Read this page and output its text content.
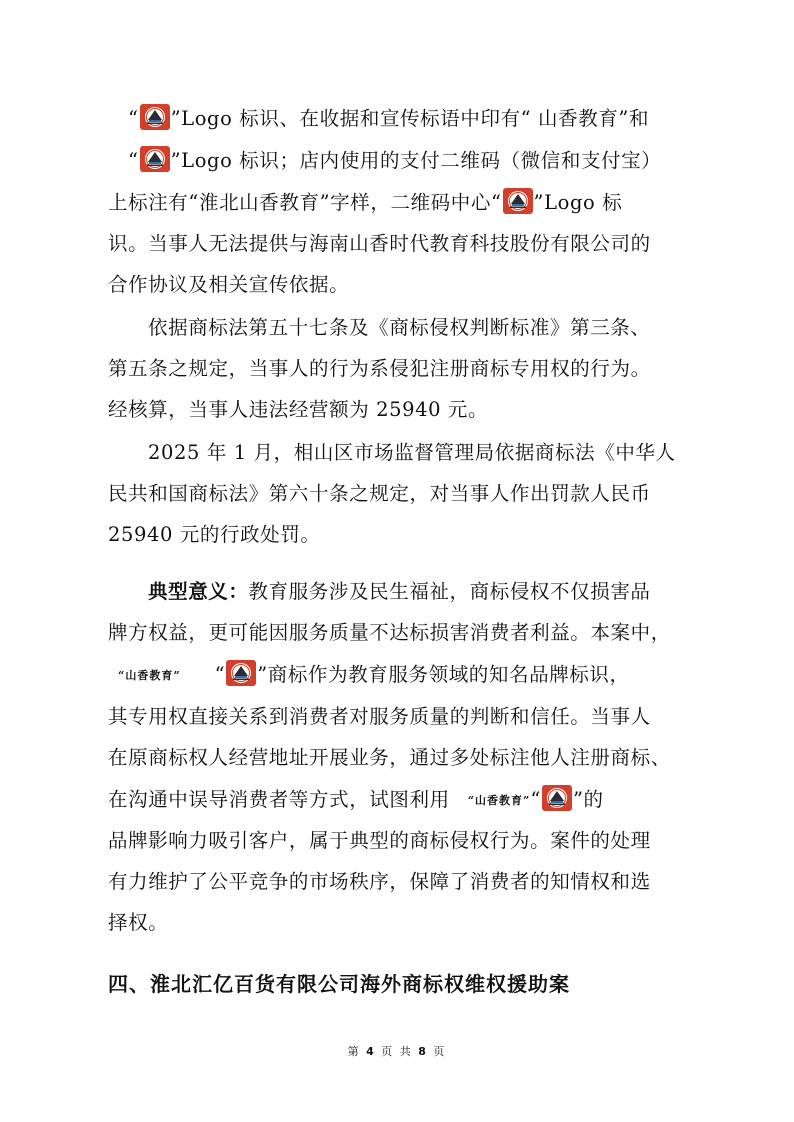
“ ”Logo 标识、在收据和宣传标语中印有“ 山香教育”和
“ ”Logo 标识；店内使用的支付二维码（微信和支付宝）
上标注有“淮北山香教育”字样，二维码中心“ ”Logo 标
识。当事人无法提供与海南山香时代教育科技股份有限公司的
合作协议及相关宣传依据。
依据商标法第五十七条及《商标侵权判断标准》第三条、
第五条之规定，当事人的行为系侵犯注册商标专用权的行为。
经核算，当事人违法经营额为 25940 元。
2025 年 1 月，相山区市场监督管理局依据商标法《中华人
民共和国商标法》第六十条之规定，对当事人作出罚款人民币
25940 元的行政处罚。
典型意义：教育服务涉及民生福祉，商标侵权不仅损害品
牌方权益，更可能因服务质量不达标损害消费者利益。本案中，
“山香教育” “ ”商标作为教育服务领域的知名品牌标识，
其专用权直接关系到消费者对服务质量的判断和信任。当事人
在原商标权人经营地址开展业务，通过多处标注他人注册商标、
在沟通中误导消费者等方式，试图利用 “山香教育”“ ”的
品牌影响力吸引客户，属于典型的商标侵权行为。案件的处理
有力维护了公平竞争的市场秩序，保障了消费者的知情权和选
择权。
四、淮北汇亿百货有限公司海外商标权维权援助案
第 4 页 共 8 页
